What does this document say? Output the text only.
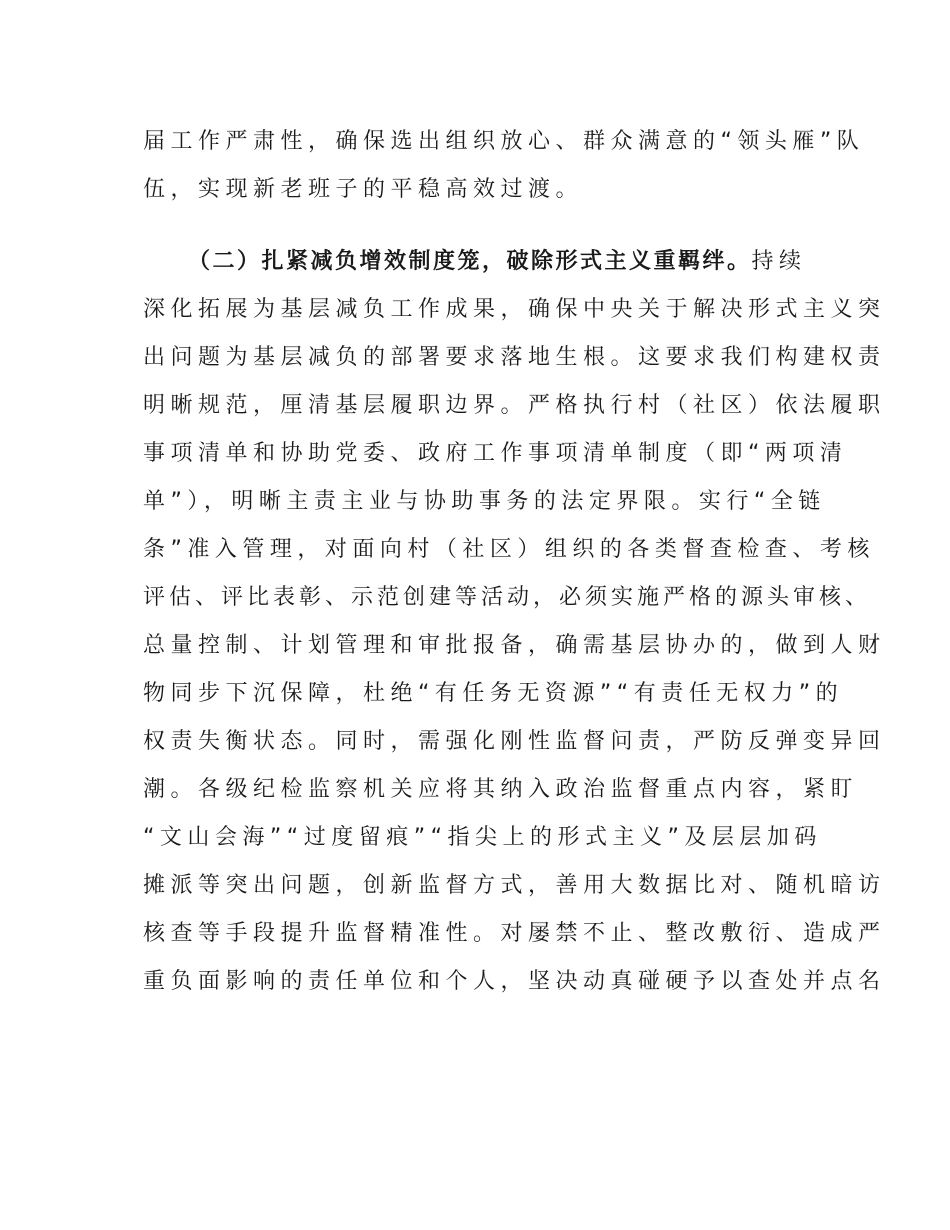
届工作严肃性，确保选出组织放心、群众满意的“领头雁”队
伍，实现新老班子的平稳高效过渡。
（二）扎紧减负增效制度笼，破除形式主义重羁绊。持续
深化拓展为基层减负工作成果，确保中央关于解决形式主义突
出问题为基层减负的部署要求落地生根。这要求我们构建权责
明晰规范，厘清基层履职边界。严格执行村（社区）依法履职
事项清单和协助党委、政府工作事项清单制度（即“两项清
单”），明晰主责主业与协助事务的法定界限。实行“全链
条”准入管理，对面向村（社区）组织的各类督查检查、考核
评估、评比表彰、示范创建等活动，必须实施严格的源头审核、
总量控制、计划管理和审批报备，确需基层协办的，做到人财
物同步下沉保障，杜绝“有任务无资源”“有责任无权力”的
权责失衡状态。同时，需强化刚性监督问责，严防反弹变异回
潮。各级纪检监察机关应将其纳入政治监督重点内容，紧盯
“文山会海”“过度留痕”“指尖上的形式主义”及层层加码
摊派等突出问题，创新监督方式，善用大数据比对、随机暗访
核查等手段提升监督精准性。对屡禁不止、整改敷衍、造成严
重负面影响的责任单位和个人，坚决动真碰硬予以查处并点名
